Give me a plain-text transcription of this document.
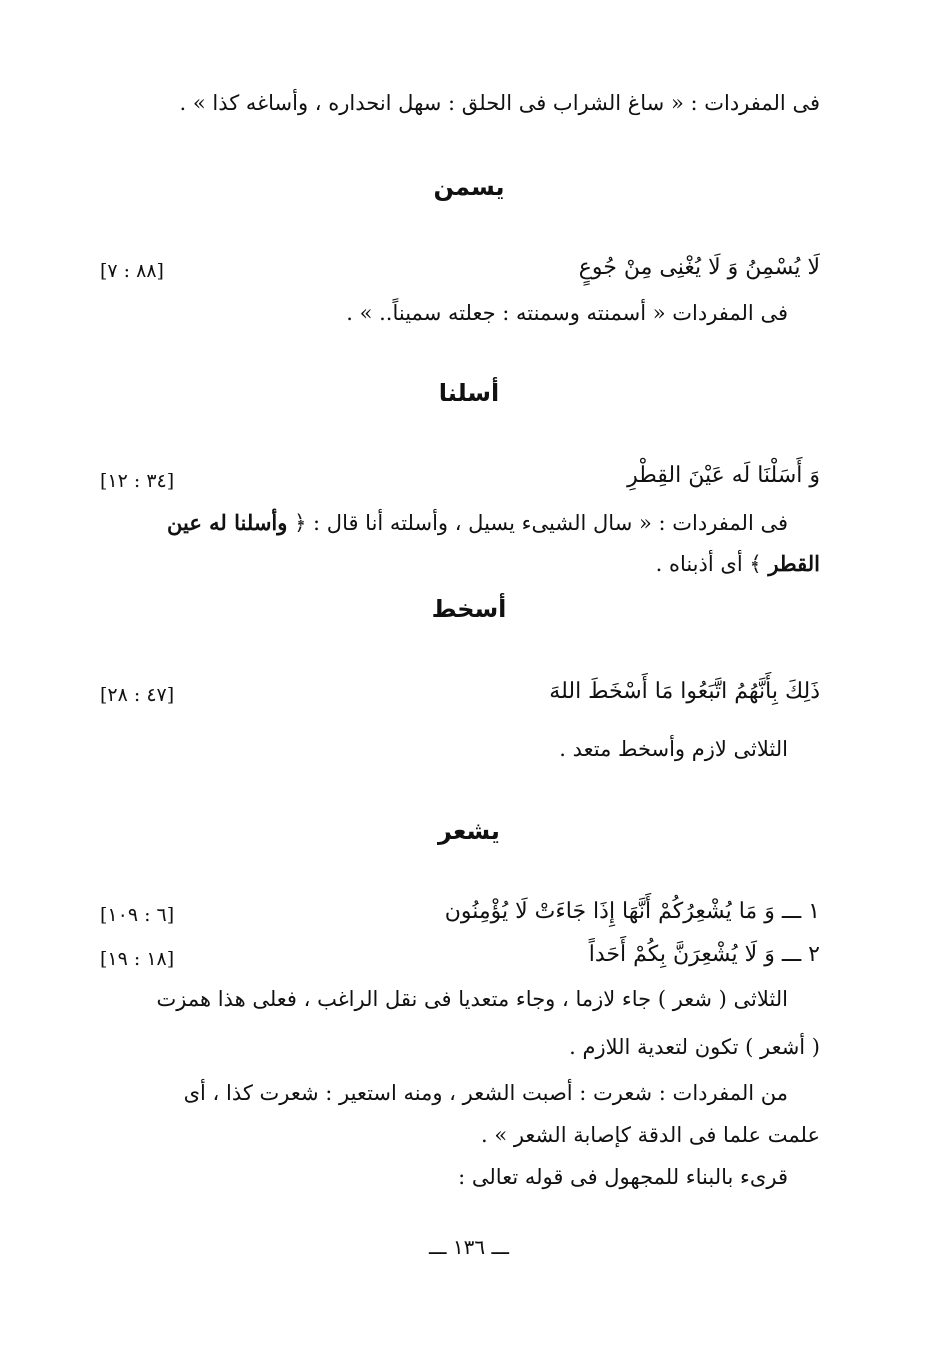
فى المفردات : « ساغ الشراب فى الحلق : سهل انحداره ، وأساغه كذا » .
يسمن
لَا يُسْمِنُ وَ لَا يُغْنِى مِنْ جُوعٍ
[٨٨ : ٧]
فى المفردات « أسمنته وسمنته : جعلته سميناً.. » .
أسلنا
وَ أَسَلْنَا لَه عَيْنَ القِطْرِ
[٣٤ : ١٢]
فى المفردات : « سال الشيىء يسيل ، وأسلته أنا قال : ﴿ وأسلنا له عين
القطر ﴾ أى أذبناه .
أسخط
ذَلِكَ بِأَنَّهُمُ اتَّبَعُوا مَا أَسْخَطَ اللهَ
[٤٧ : ٢٨]
الثلاثى لازم وأسخط متعد .
يشعر
١ ـــ وَ مَا يُشْعِرُكُمْ أَنَّهَا إِذَا جَاءَتْ لَا يُؤْمِنُون
[٦ : ١٠٩]
٢ ـــ وَ لَا يُشْعِرَنَّ بِكُمْ أَحَداً
[١٨ : ١٩]
الثلاثى ( شعر ) جاء لازما ، وجاء متعديا فى نقل الراغب ، فعلى هذا همزت
( أشعر ) تكون لتعدية اللازم .
من المفردات : شعرت : أصبت الشعر ، ومنه استعير : شعرت كذا ، أى
علمت علما فى الدقة كإصابة الشعر » .
قرىء بالبناء للمجهول فى قوله تعالى :
ـــ ١٣٦ ـــ
